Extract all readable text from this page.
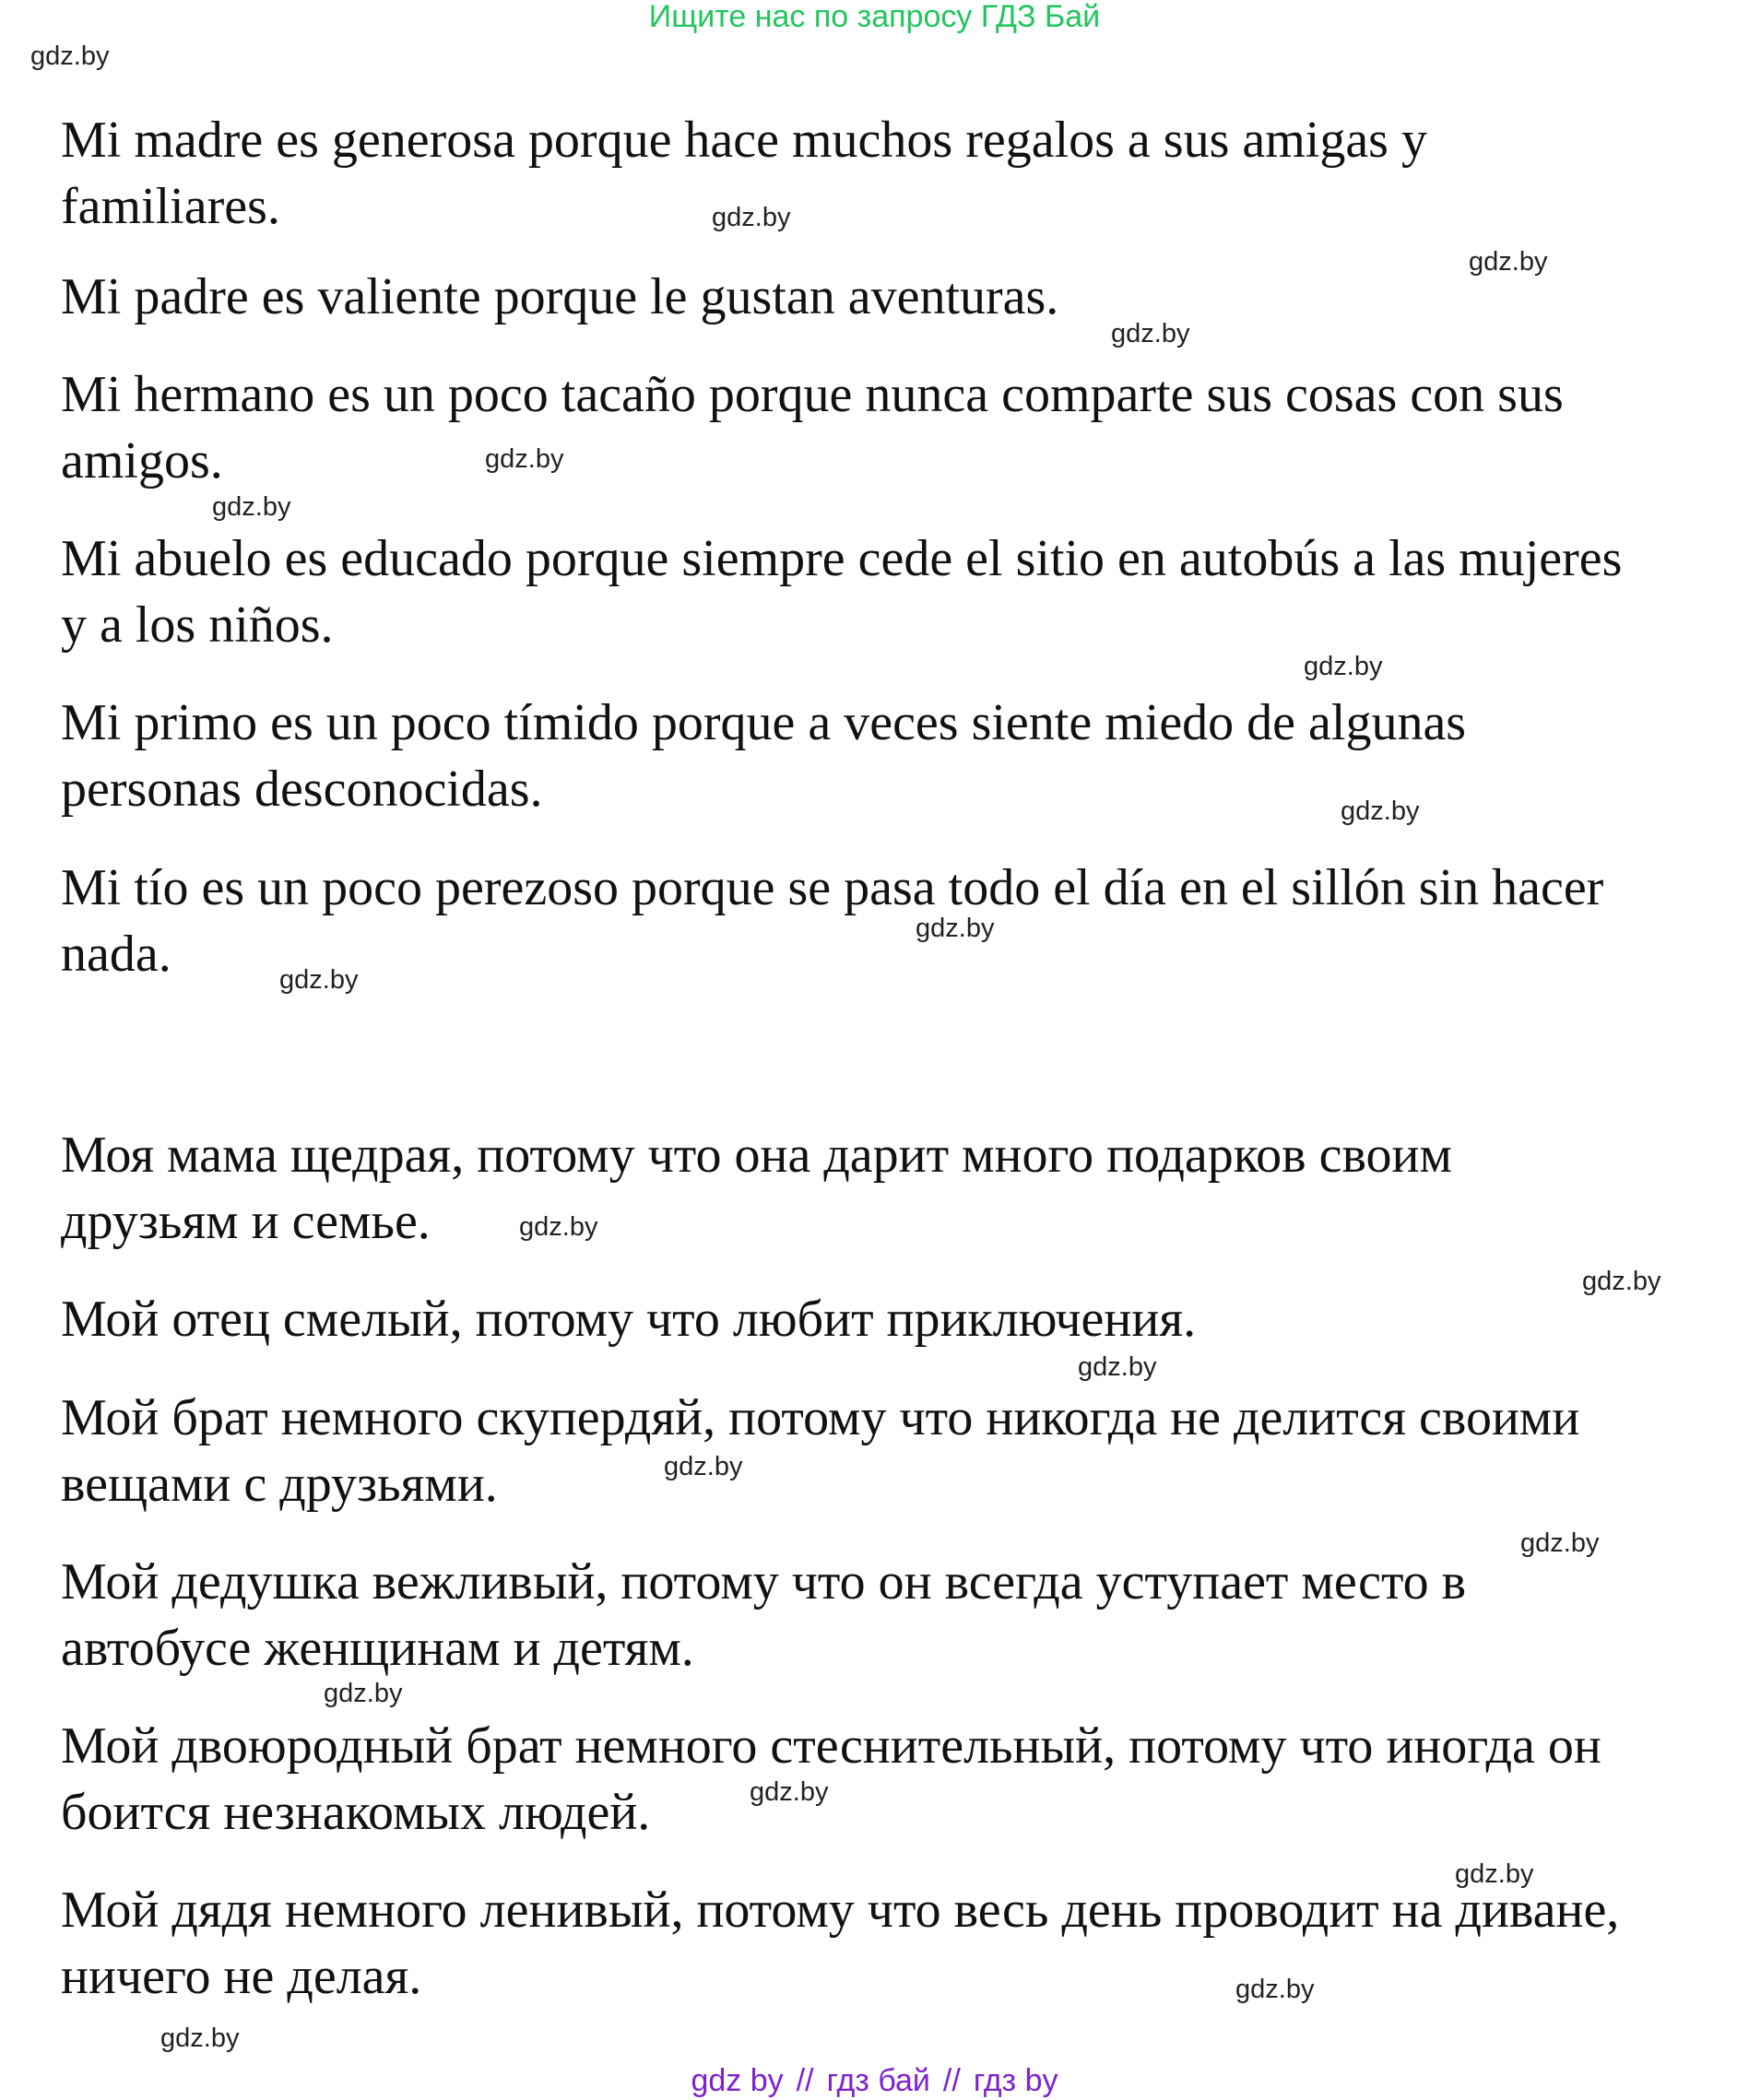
Ищите нас по запросу ГДЗ Бай

Mi madre es generosa porque hace muchos regalos a sus amigas y
familiares.

Mi padre es valiente porque le gustan aventuras.

Mi hermano es un poco tacaño porque nunca comparte sus cosas con sus
amigos.

Mi abuelo es educado porque siempre cede el sitio en autobús a las mujeres
y a los niños.

Mi primo es un poco tímido porque a veces siente miedo de algunas
personas desconocidas.

Mi tío es un poco perezoso porque se pasa todo el día en el sillón sin hacer
nada.

Моя мама щедрая, потому что она дарит много подарков своим
друзьям и семье.

Мой отец смелый, потому что любит приключения.

Мой брат немного скупердяй, потому что никогда не делится своими
вещами с друзьями.

Мой дедушка вежливый, потому что он всегда уступает место в
автобусе женщинам и детям.

Мой двоюродный брат немного стеснительный, потому что иногда он
боится незнакомых людей.

Мой дядя немного ленивый, потому что весь день проводит на диване,
ничего не делая.

gdz.by
gdz.by
gdz.by
gdz.by
gdz.by
gdz.by
gdz.by
gdz.by
gdz.by
gdz.by
gdz.by
gdz.by
gdz.by
gdz.by
gdz.by
gdz.by
gdz.by
gdz.by
gdz.by
gdz.by
gdz by // гдз бай // гдз by
